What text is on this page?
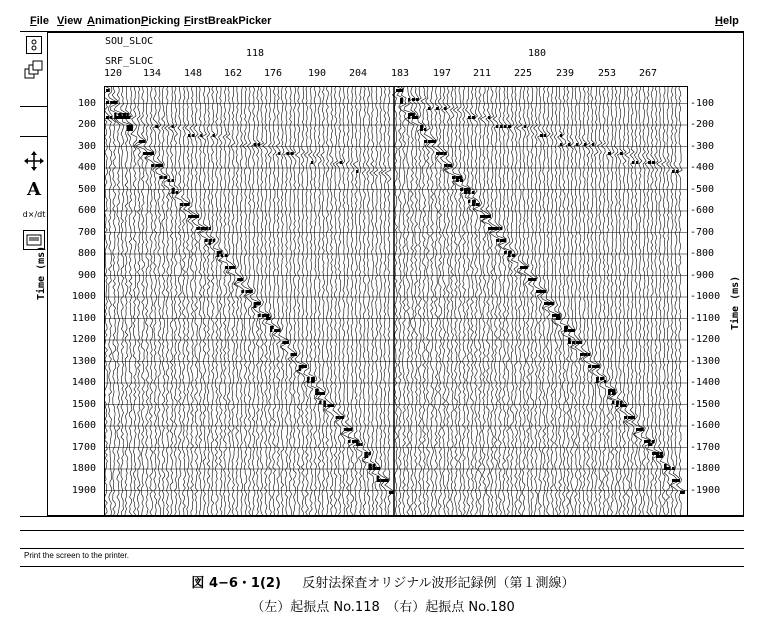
File View Animation Picking FirstBreakPicker	Help
A
d×/dt
SOU_SLOC
118	180
SRF_SLOC
120 134 148 162 176	190 204 183 197 211 225 239 253 267
100
200
300
400
500
600
700
800
900
1000
1100
1200
1300
1400
1500
1600
1700
1800
1900
-100
-200
-300
-400
-500
-600
-700
-800
-900
-1000
-1100
-1200
-1300
-1400
-1500
-1600
-1700
-1800
-1900
Time (ms)
Time (ms)
Print the screen to the printer.
図 4−6・1(2) 　 反射法探査オリジナル波形記録例（第１測線）
（左）起振点 No.118　（右）起振点 No.180
